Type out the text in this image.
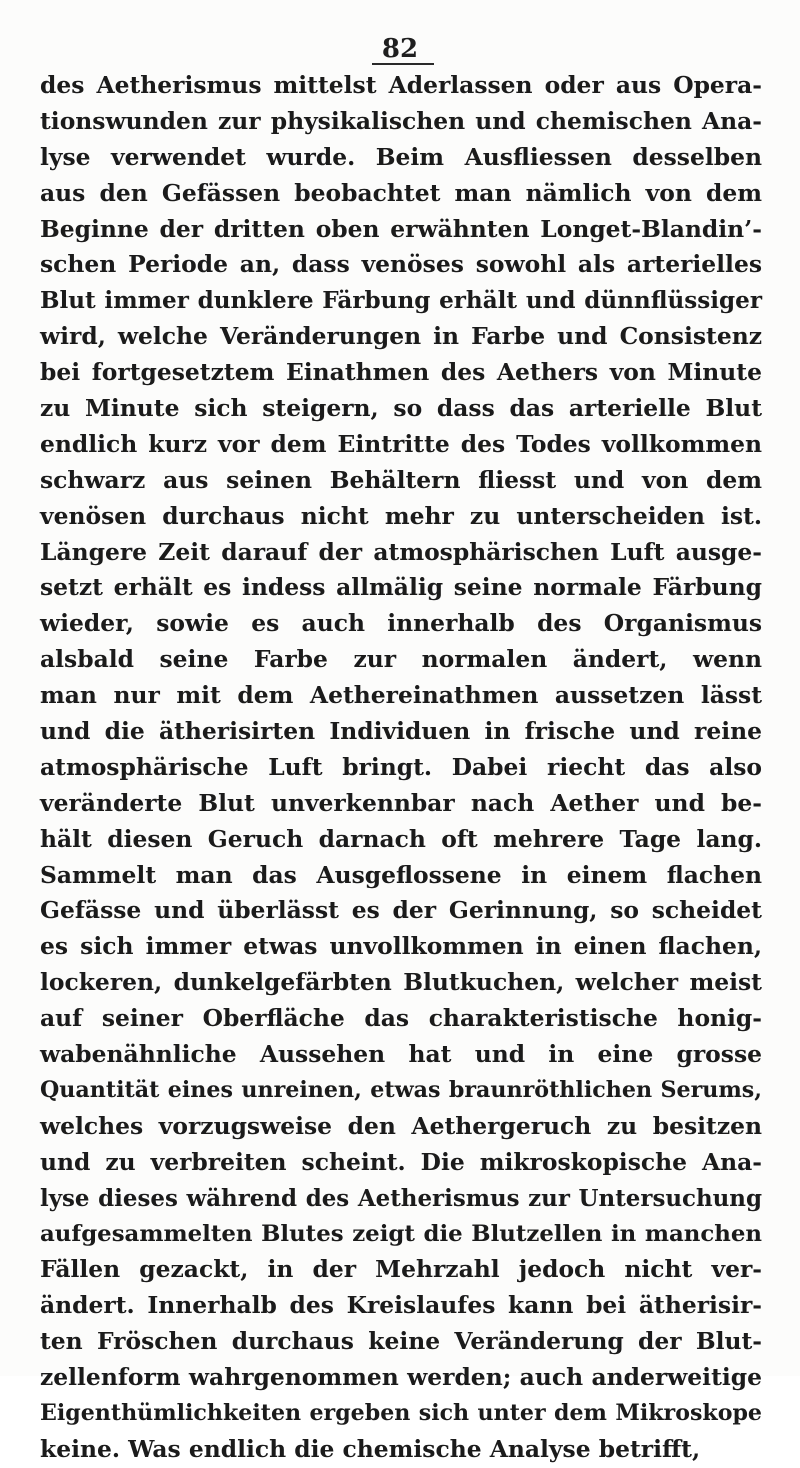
82
des Aetherismus mittelst Aderlassen oder aus Opera-
tionswunden zur physikalischen und chemischen Ana-
lyse verwendet wurde. Beim Ausfliessen desselben
aus den Gefässen beobachtet man nämlich von dem
Beginne der dritten oben erwähnten Longet-Blandin’-
schen Periode an, dass venöses sowohl als arterielles
Blut immer dunklere Färbung erhält und dünnflüssiger
wird, welche Veränderungen in Farbe und Consistenz
bei fortgesetztem Einathmen des Aethers von Minute
zu Minute sich steigern, so dass das arterielle Blut
endlich kurz vor dem Eintritte des Todes vollkommen
schwarz aus seinen Behältern fliesst und von dem
venösen durchaus nicht mehr zu unterscheiden ist.
Längere Zeit darauf der atmosphärischen Luft ausge-
setzt erhält es indess allmälig seine normale Färbung
wieder, sowie es auch innerhalb des Organismus
alsbald seine Farbe zur normalen ändert, wenn
man nur mit dem Aethereinathmen aussetzen lässt
und die ätherisirten Individuen in frische und reine
atmosphärische Luft bringt. Dabei riecht das also
veränderte Blut unverkennbar nach Aether und be-
hält diesen Geruch darnach oft mehrere Tage lang.
Sammelt man das Ausgeflossene in einem flachen
Gefässe und überlässt es der Gerinnung, so scheidet
es sich immer etwas unvollkommen in einen flachen,
lockeren, dunkelgefärbten Blutkuchen, welcher meist
auf seiner Oberfläche das charakteristische honig-
wabenähnliche Aussehen hat und in eine grosse
Quantität eines unreinen, etwas braunröthlichen Serums,
welches vorzugsweise den Aethergeruch zu besitzen
und zu verbreiten scheint. Die mikroskopische Ana-
lyse dieses während des Aetherismus zur Untersuchung
aufgesammelten Blutes zeigt die Blutzellen in manchen
Fällen gezackt, in der Mehrzahl jedoch nicht ver-
ändert. Innerhalb des Kreislaufes kann bei ätherisir-
ten Fröschen durchaus keine Veränderung der Blut-
zellenform wahrgenommen werden; auch anderweitige
Eigenthümlichkeiten ergeben sich unter dem Mikroskope
keine. Was endlich die chemische Analyse betrifft,
